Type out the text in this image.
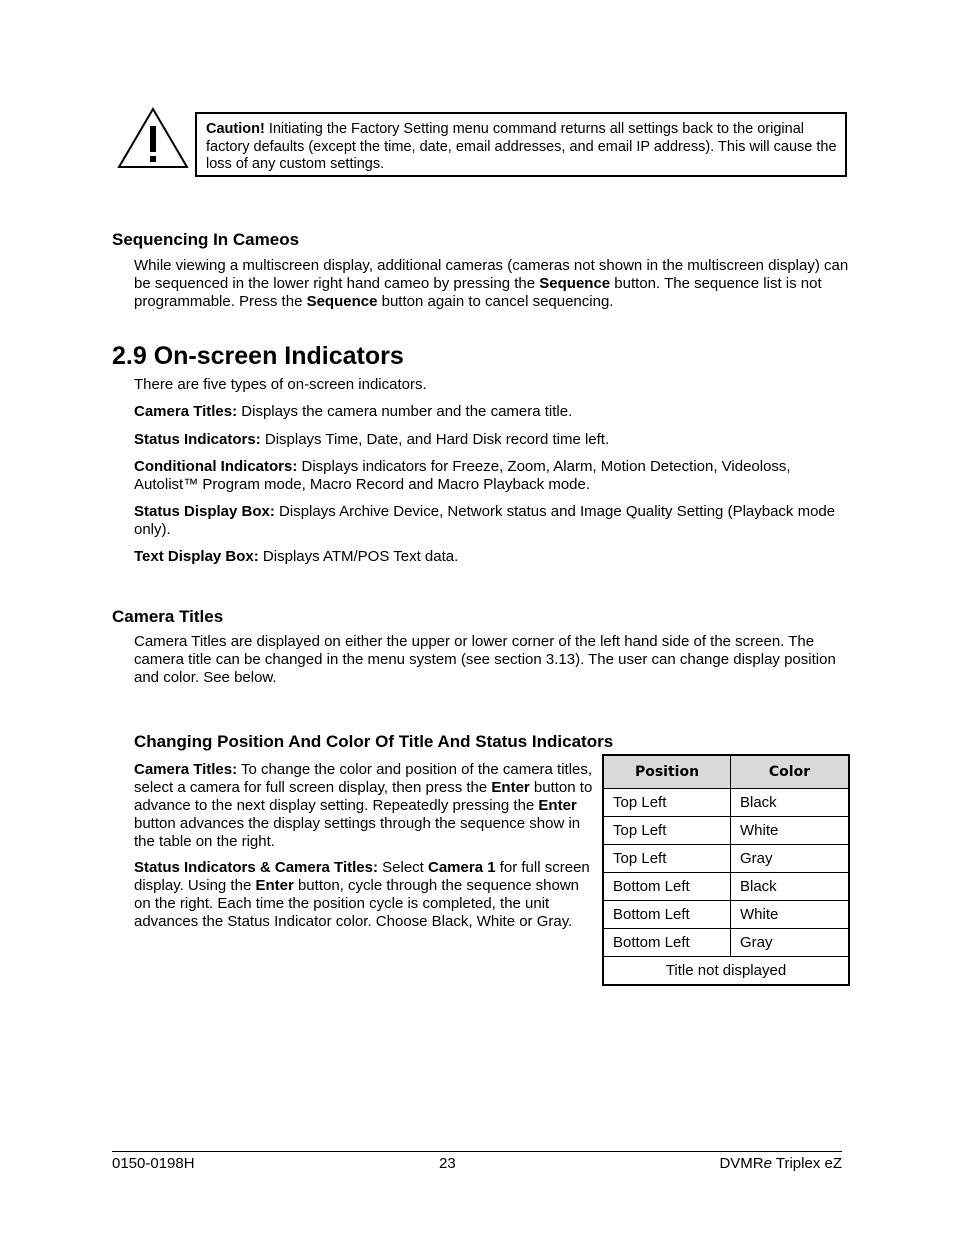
Caution! Initiating the Factory Setting menu command returns all settings back to the original factory defaults (except the time, date, email addresses, and email IP address). This will cause the loss of any custom settings.
Sequencing In Cameos

While viewing a multiscreen display, additional cameras (cameras not shown in the multiscreen display) can be sequenced in the lower right hand cameo by pressing the Sequence button. The sequence list is not programmable. Press the Sequence button again to cancel sequencing.

2.9 On-screen Indicators

There are five types of on-screen indicators.

Camera Titles: Displays the camera number and the camera title.

Status Indicators: Displays Time, Date, and Hard Disk record time left.

Conditional Indicators: Displays indicators for Freeze, Zoom, Alarm, Motion Detection, Videoloss, Autolist™ Program mode, Macro Record and Macro Playback mode.

Status Display Box: Displays Archive Device, Network status and Image Quality Setting (Playback mode only).

Text Display Box: Displays ATM/POS Text data.

Camera Titles

Camera Titles are displayed on either the upper or lower corner of the left hand side of the screen. The camera title can be changed in the menu system (see section 3.13). The user can change display position and color. See below.

Changing Position And Color Of Title And Status Indicators

Camera Titles: To change the color and position of the camera titles, select a camera for full screen display, then press the Enter button to advance to the next display setting. Repeatedly pressing the Enter button advances the display settings through the sequence show in the table on the right.

Status Indicators & Camera Titles: Select Camera 1 for full screen display. Using the Enter button, cycle through the sequence shown on the right. Each time the position cycle is completed, the unit advances the Status Indicator color. Choose Black, White or Gray.

Position	Color
Top Left	Black
Top Left	White
Top Left	Gray
Bottom Left	Black
Bottom Left	White
Bottom Left	Gray
Title not displayed	
0150-0198H	23	DVMRe Triplex eZ
